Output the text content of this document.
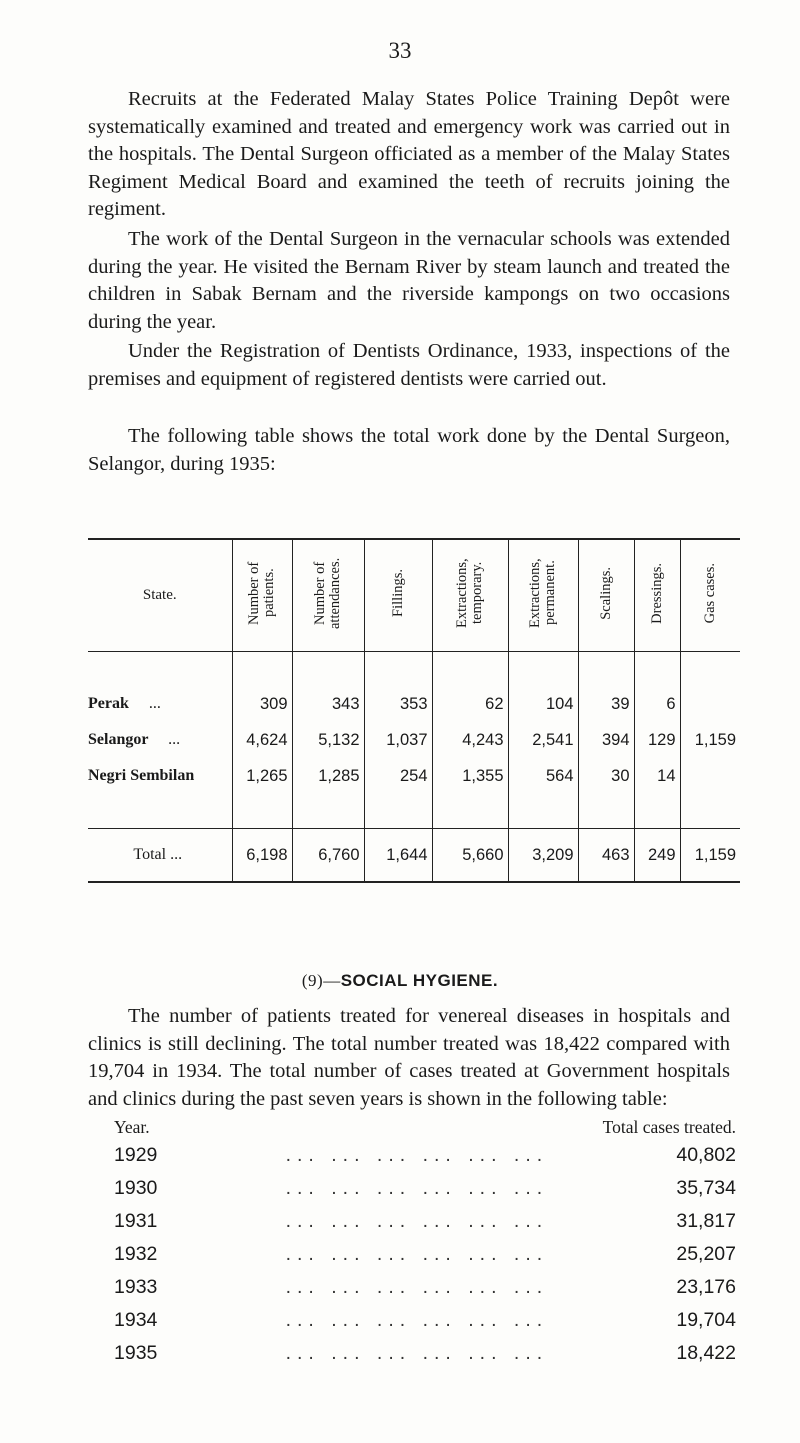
33

Recruits at the Federated Malay States Police Training Depôt were systematically examined and treated and emergency work was carried out in the hospitals. The Dental Surgeon officiated as a member of the Malay States Regiment Medical Board and examined the teeth of recruits joining the regiment.

The work of the Dental Surgeon in the vernacular schools was extended during the year. He visited the Bernam River by steam launch and treated the children in Sabak Bernam and the riverside kampongs on two occasions during the year.

Under the Registration of Dentists Ordinance, 1933, inspections of the premises and equipment of registered dentists were carried out.

The following table shows the total work done by the Dental Surgeon, Selangor, during 1935:

State.	Number of patients.	Number of attendances.	Fillings.	Extractions, temporary.	Extractions, permanent.	Scalings.	Dressings.	Gas cases.

Perak ...	309	343	353	62	104	39	6	
Selangor ...	4,624	5,132	1,037	4,243	2,541	394	129	1,159
Negri Sembilan	1,265	1,285	254	1,355	564	30	14	

Total ...	6,198	6,760	1,644	5,660	3,209	463	249	1,159
(9)—SOCIAL HYGIENE.

The number of patients treated for venereal diseases in hospitals and clinics is still declining. The total number treated was 18,422 compared with 19,704 in 1934. The total number of cases treated at Government hospitals and clinics during the past seven years is shown in the following table:

Year.	Total cases treated.
1929	... ... ... ... ... ...	40,802
1930	... ... ... ... ... ...	35,734
1931	... ... ... ... ... ...	31,817
1932	... ... ... ... ... ...	25,207
1933	... ... ... ... ... ...	23,176
1934	... ... ... ... ... ...	19,704
1935	... ... ... ... ... ...	18,422
